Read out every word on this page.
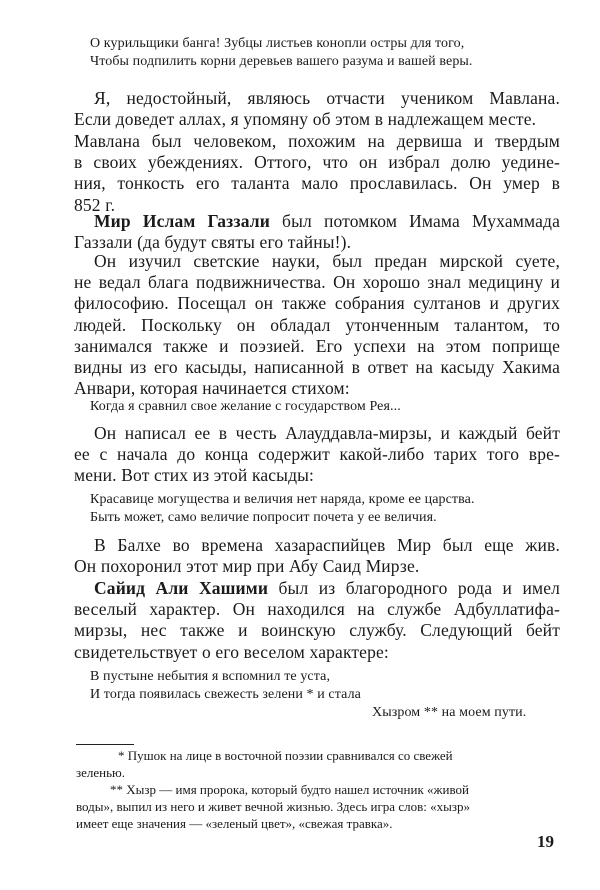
О курильщики банга! Зубцы листьев конопли остры для того,
Чтобы подпилить корни деревьев вашего разума и вашей веры.
Я, недостойный, являюсь отчасти учеником Мавлана.
Если доведет аллах, я упомяну об этом в надлежащем месте.
Мавлана был человеком, похожим на дервиша и твердым
в своих убеждениях. Оттого, что он избрал долю уедине-
ния, тонкость его таланта мало прославилась. Он умер в
852 г.
Мир Ислам Газзали был потомком Имама Мухаммада
Газзали (да будут святы его тайны!).
Он изучил светские науки, был предан мирской суете,
не ведал блага подвижничества. Он хорошо знал медицину и
философию. Посещал он также собрания султанов и других
людей. Поскольку он обладал утонченным талантом, то
занимался также и поэзией. Его успехи на этом поприще
видны из его касыды, написанной в ответ на касыду Хакима
Анвари, которая начинается стихом:
Когда я сравнил свое желание с государством Рея...
Он написал ее в честь Алауддавла-мирзы, и каждый бейт
ее с начала до конца содержит какой-либо тарих того вре-
мени. Вот стих из этой касыды:
Красавице могущества и величия нет наряда, кроме ее царства.
Быть может, само величие попросит почета у ее величия.
В Балхе во времена хазараспийцев Мир был еще жив.
Он похоронил этот мир при Абу Саид Мирзе.
Сайид Али Хашими был из благородного рода и имел
веселый характер. Он находился на службе Адбуллатифа-
мирзы, нес также и воинскую службу. Следующий бейт
свидетельствует о его веселом характере:
В пустыне небытия я вспомнил те уста,
И тогда появилась свежесть зелени * и стала
Хызром ** на моем пути.
* Пушок на лице в восточной поэзии сравнивался со свежей
зеленью.
** Хызр — имя пророка, который будто нашел источник «живой
воды», выпил из него и живет вечной жизнью. Здесь игра слов: «хызр»
имеет еще значения — «зеленый цвет», «свежая травка».
19
